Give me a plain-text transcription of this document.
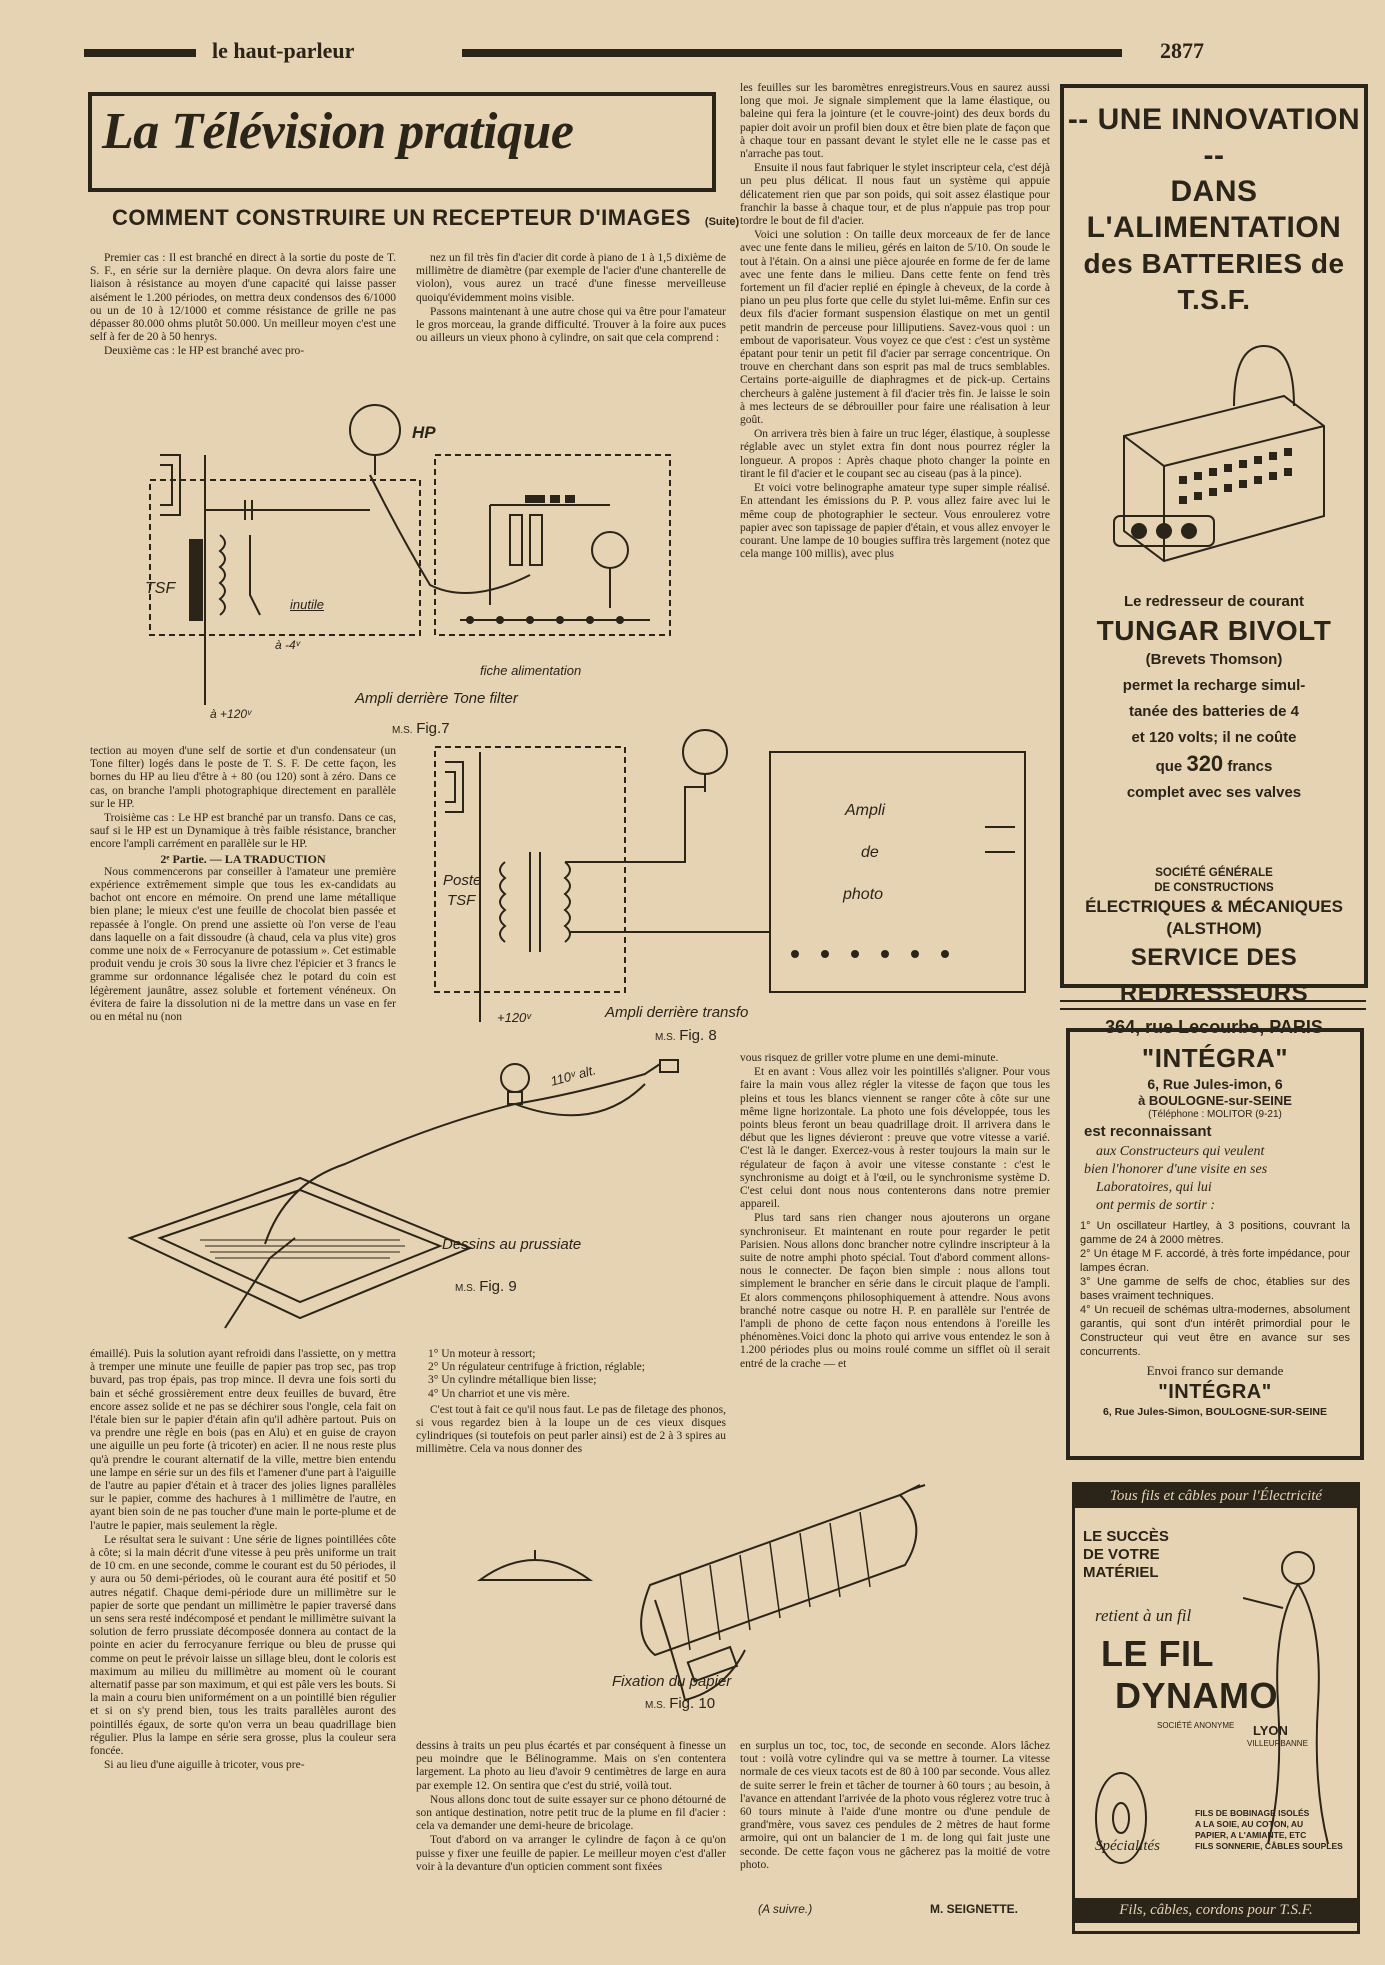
le haut-parleur	2877
La Télévision pratique
COMMENT CONSTRUIRE UN RECEPTEUR D'IMAGES (Suite)

Premier cas : Il est branché en direct à la sortie du poste de T. S. F., en série sur la dernière plaque. On devra alors faire une liaison à résistance au moyen d'une capacité qui laisse passer aisément le 1.200 périodes, on mettra deux condensos des 6/1000 ou un de 10 à 12/1000 et comme résistance de grille ne pas dépasser 80.000 ohms plutôt 50.000. Un meilleur moyen c'est une self à fer de 20 à 50 henrys.

Deuxième cas : le HP est branché avec pro-

nez un fil très fin d'acier dit corde à piano de 1 à 1,5 dixième de millimètre de diamètre (par exemple de l'acier d'une chanterelle de violon), vous aurez un tracé d'une finesse merveilleuse quoiqu'évidemment moins visible.

Passons maintenant à une autre chose qui va être pour l'amateur le gros morceau, la grande difficulté. Trouver à la foire aux puces ou ailleurs un vieux phono à cylindre, on sait que cela comprend :

les feuilles sur les baromètres enregistreurs.Vous en saurez aussi long que moi. Je signale simplement que la lame élastique, ou baleine qui fera la jointure (et le couvre-joint) des deux bords du papier doit avoir un profil bien doux et être bien plate de façon que à chaque tour en passant devant le stylet elle ne le casse pas et n'arrache pas tout.

Ensuite il nous faut fabriquer le stylet inscripteur cela, c'est déjà un peu plus délicat. Il nous faut un système qui appuie délicatement rien que par son poids, qui soit assez élastique pour franchir la basse à chaque tour, et de plus n'appuie pas trop pour tordre le bout de fil d'acier.

Voici une solution : On taille deux morceaux de fer de lance avec une fente dans le milieu, gérés en laiton de 5/10. On soude le tout à l'étain. On a ainsi une pièce ajourée en forme de fer de lame avec une fente dans le milieu. Dans cette fente on fend très fortement un fil d'acier replié en épingle à cheveux, de la corde à piano un peu plus forte que celle du stylet lui-même. Enfin sur ces deux fils d'acier formant suspension élastique on met un gentil petit mandrin de perceuse pour lilliputiens. Savez-vous quoi : un embout de vaporisateur. Vous voyez ce que c'est : c'est un système épatant pour tenir un petit fil d'acier par serrage concentrique. On trouve en cherchant dans son esprit pas mal de trucs semblables. Certains porte-aiguille de diaphragmes et de pick-up. Certains chercheurs à galène justement à fil d'acier très fin. Je laisse le soin à mes lecteurs de se débrouiller pour faire une réalisation à leur goût.

On arrivera très bien à faire un truc léger, élastique, à souplesse réglable avec un stylet extra fin dont nous pourrez régler la longueur. A propos : Après chaque photo changer la pointe en tirant le fil d'acier et le coupant sec au ciseau (pas à la pince).

Et voici votre belinographe amateur type super simple réalisé. En attendant les émissions du P. P. vous allez faire avec lui le même coup de photographier le secteur. Vous enroulerez votre papier avec son tapissage de papier d'étain, et vous allez envoyer le courant. Une lampe de 10 bougies suffira très largement (notez que cela mange 100 millis), avec plus

HP
TSF
inutile
à -4ᵛ
à +120ᵛ
fiche alimentation
Ampli derrière Tone filter
M.S. Fig.7

tection au moyen d'une self de sortie et d'un condensateur (un Tone filter) logés dans le poste de T. S. F. De cette façon, les bornes du HP au lieu d'être à + 80 (ou 120) sont à zéro. Dans ce cas, on branche l'ampli photographique directement en parallèle sur le HP.

Troisième cas : Le HP est branché par un transfo. Dans ce cas, sauf si le HP est un Dynamique à très faible résistance, brancher encore l'ampli carrément en parallèle sur le HP.

2ᵉ Partie. — LA TRADUCTION

Nous commencerons par conseiller à l'amateur une première expérience extrêmement simple que tous les ex-candidats au bachot ont encore en mémoire. On prend une lame métallique bien plane; le mieux c'est une feuille de chocolat bien passée et repassée à l'ongle. On prend une assiette où l'on verse de l'eau dans laquelle on a fait dissoudre (à chaud, cela va plus vite) gros comme une noix de « Ferrocyanure de potassium ». Cet estimable produit vendu je crois 30 sous la livre chez l'épicier et 3 francs le gramme sur ordonnance légalisée chez le potard du coin est légèrement jaunâtre, assez soluble et fortement vénéneux. On évitera de faire la dissolution ni de la mettre dans un vase en fer ou en métal nu (non

Ampli
de
photo
Poste
TSF
+120ᵛ	Ampli derrière transfo
M.S. Fig. 8

vous risquez de griller votre plume en une demi-minute.

Et en avant : Vous allez voir les pointillés s'aligner. Pour vous faire la main vous allez régler la vitesse de façon que tous les pleins et tous les blancs viennent se ranger côte à côte sur une même ligne horizontale. La photo une fois développée, tous les points bleus feront un beau quadrillage droit. Il arrivera dans le début que les lignes dévieront : preuve que votre vitesse a varié. C'est là le danger. Exercez-vous à rester toujours la main sur le régulateur de façon à avoir une vitesse constante : c'est le synchronisme au doigt et à l'œil, ou le synchronisme système D. C'est celui dont nous nous contenterons dans notre premier appareil.

Plus tard sans rien changer nous ajouterons un organe synchroniseur. Et maintenant en route pour regarder le petit Parisien. Nous allons donc brancher notre cylindre inscripteur à la suite de notre amphi photo spécial. Tout d'abord comment allons-nous le connecter. De façon bien simple : nous allons tout simplement le brancher en série dans le circuit plaque de l'ampli. Et alors commençons philosophiquement à attendre. Nous avons branché notre casque ou notre H. P. en parallèle sur l'entrée de l'ampli de phono de cette façon nous entendons à l'oreille les phénomènes.Voici donc la photo qui arrive vous entendez le son à 1.200 périodes plus ou moins roulé comme un sifflet où il serait entré de la crache — et

110ᵛ alt.
Dessins au prussiate
M.S. Fig. 9

émaillé). Puis la solution ayant refroidi dans l'assiette, on y mettra à tremper une minute une feuille de papier pas trop sec, pas trop buvard, pas trop épais, pas trop mince. Il devra une fois sorti du bain et séché grossièrement entre deux feuilles de buvard, être encore assez solide et ne pas se déchirer sous l'ongle, cela fait on l'étale bien sur le papier d'étain afin qu'il adhère partout. Puis on va prendre une règle en bois (pas en Alu) et en guise de crayon une aiguille un peu forte (à tricoter) en acier. Il ne nous reste plus qu'à prendre le courant alternatif de la ville, mettre bien entendu une lampe en série sur un des fils et l'amener d'une part à l'aiguille de l'autre au papier d'étain et à tracer des jolies lignes parallèles sur le papier, comme des hachures à 1 millimètre de l'autre, en ayant bien soin de ne pas toucher d'une main le porte-plume et de l'autre le papier, mais seulement la règle.

Le résultat sera le suivant : Une série de lignes pointillées côte à côte; si la main décrit d'une vitesse à peu près uniforme un trait de 10 cm. en une seconde, comme le courant est du 50 périodes, il y aura ou 50 demi-périodes, où le courant aura été positif et 50 autres négatif. Chaque demi-période dure un millimètre sur le papier de sorte que pendant un millimètre le papier traversé dans un sens sera resté indécomposé et pendant le millimètre suivant la solution de ferro prussiate décomposée donnera au contact de la pointe en acier du ferrocyanure ferrique ou bleu de prusse qui comme on peut le prévoir laisse un sillage bleu, dont le coloris est maximum au milieu du millimètre au moment où le courant alternatif passe par son maximum, et qui est pâle vers les bouts. Si la main a couru bien uniformément on a un pointillé bien régulier et si on s'y prend bien, tous les traits parallèles auront des pointillés égaux, de sorte qu'on verra un beau quadrillage bien régulier. Plus la lampe en série sera grosse, plus la couleur sera foncée.

Si au lieu d'une aiguille à tricoter, vous pre-

1° Un moteur à ressort;
2° Un régulateur centrifuge à friction, réglable;
3° Un cylindre métallique bien lisse;
4° Un charriot et une vis mère.

C'est tout à fait ce qu'il nous faut. Le pas de filetage des phonos, si vous regardez bien à la loupe un de ces vieux disques cylindriques (si toutefois on peut parler ainsi) est de 2 à 3 spires au millimètre. Cela va nous donner des

Fixation du papier
M.S. Fig. 10

dessins à traits un peu plus écartés et par conséquent à finesse un peu moindre que le Bélinogramme. Mais on s'en contentera largement. La photo au lieu d'avoir 9 centimètres de large en aura par exemple 12. On sentira que c'est du strié, voilà tout.

Nous allons donc tout de suite essayer sur ce phono détourné de son antique destination, notre petit truc de la plume en fil d'acier : cela va demander une demi-heure de bricolage.

Tout d'abord on va arranger le cylindre de façon à ce qu'on puisse y fixer une feuille de papier. Le meilleur moyen c'est d'aller voir à la devanture d'un opticien comment sont fixées

en surplus un toc, toc, toc, de seconde en seconde. Alors lâchez tout : voilà votre cylindre qui va se mettre à tourner. La vitesse normale de ces vieux tacots est de 80 à 100 par seconde. Vous allez de suite serrer le frein et tâcher de tourner à 60 tours ; au besoin, à l'avance en attendant l'arrivée de la photo vous réglerez votre truc à 60 tours minute à l'aide d'une montre ou d'une pendule de grand'mère, vous savez ces pendules de 2 mètres de haut forme armoire, qui ont un balancier de 1 m. de long qui fait juste une seconde. De cette façon vous ne gâcherez pas la moitié de votre photo.

(A suivre.)	M. SEIGNETTE.
-- UNE INNOVATION --
DANS L'ALIMENTATION
des BATTERIES de T.S.F.
Le redresseur de courant
TUNGAR BIVOLT
(Brevets Thomson)
permet la recharge simul-
tanée des batteries de 4
et 120 volts; il ne coûte
que 320 francs
complet avec ses valves
SOCIÉTÉ GÉNÉRALE
DE CONSTRUCTIONS
ÉLECTRIQUES & MÉCANIQUES
(ALSTHOM)
SERVICE DES REDRESSEURS
364, rue Lecourbe, PARIS
"INTÉGRA"
6, Rue Jules-imon, 6
à BOULOGNE-sur-SEINE
(Téléphone : MOLITOR (9-21)
est reconnaissant
aux Constructeurs qui veulent
bien l'honorer d'une visite en ses
Laboratoires, qui lui
ont permis de sortir :
1° Un oscillateur Hartley, à 3 positions, couvrant la gamme de 24 à 2000 mètres.
2° Un étage M F. accordé, à très forte impédance, pour lampes écran.
3° Une gamme de selfs de choc, établies sur des bases vraiment techniques.
4° Un recueil de schémas ultra-modernes, absolument garantis, qui sont d'un intérêt primordial pour le Constructeur qui veut être en avance sur ses concurrents.
Envoi franco sur demande
"INTÉGRA"
6, Rue Jules-Simon, BOULOGNE-SUR-SEINE
Tous fils et câbles pour l'Électricité
LE SUCCÈS
DE VOTRE
MATÉRIEL
retient à un fil
LE FIL
DYNAMO
SOCIÉTÉ ANONYME LYON
VILLEURBANNE
Spécialités
FILS DE BOBINAGE ISOLÉS
A LA SOIE, AU COTON, AU
PAPIER, A L'AMIANTE, ETC
FILS SONNERIE, CÂBLES SOUPLES
Fils, câbles, cordons pour T.S.F.
